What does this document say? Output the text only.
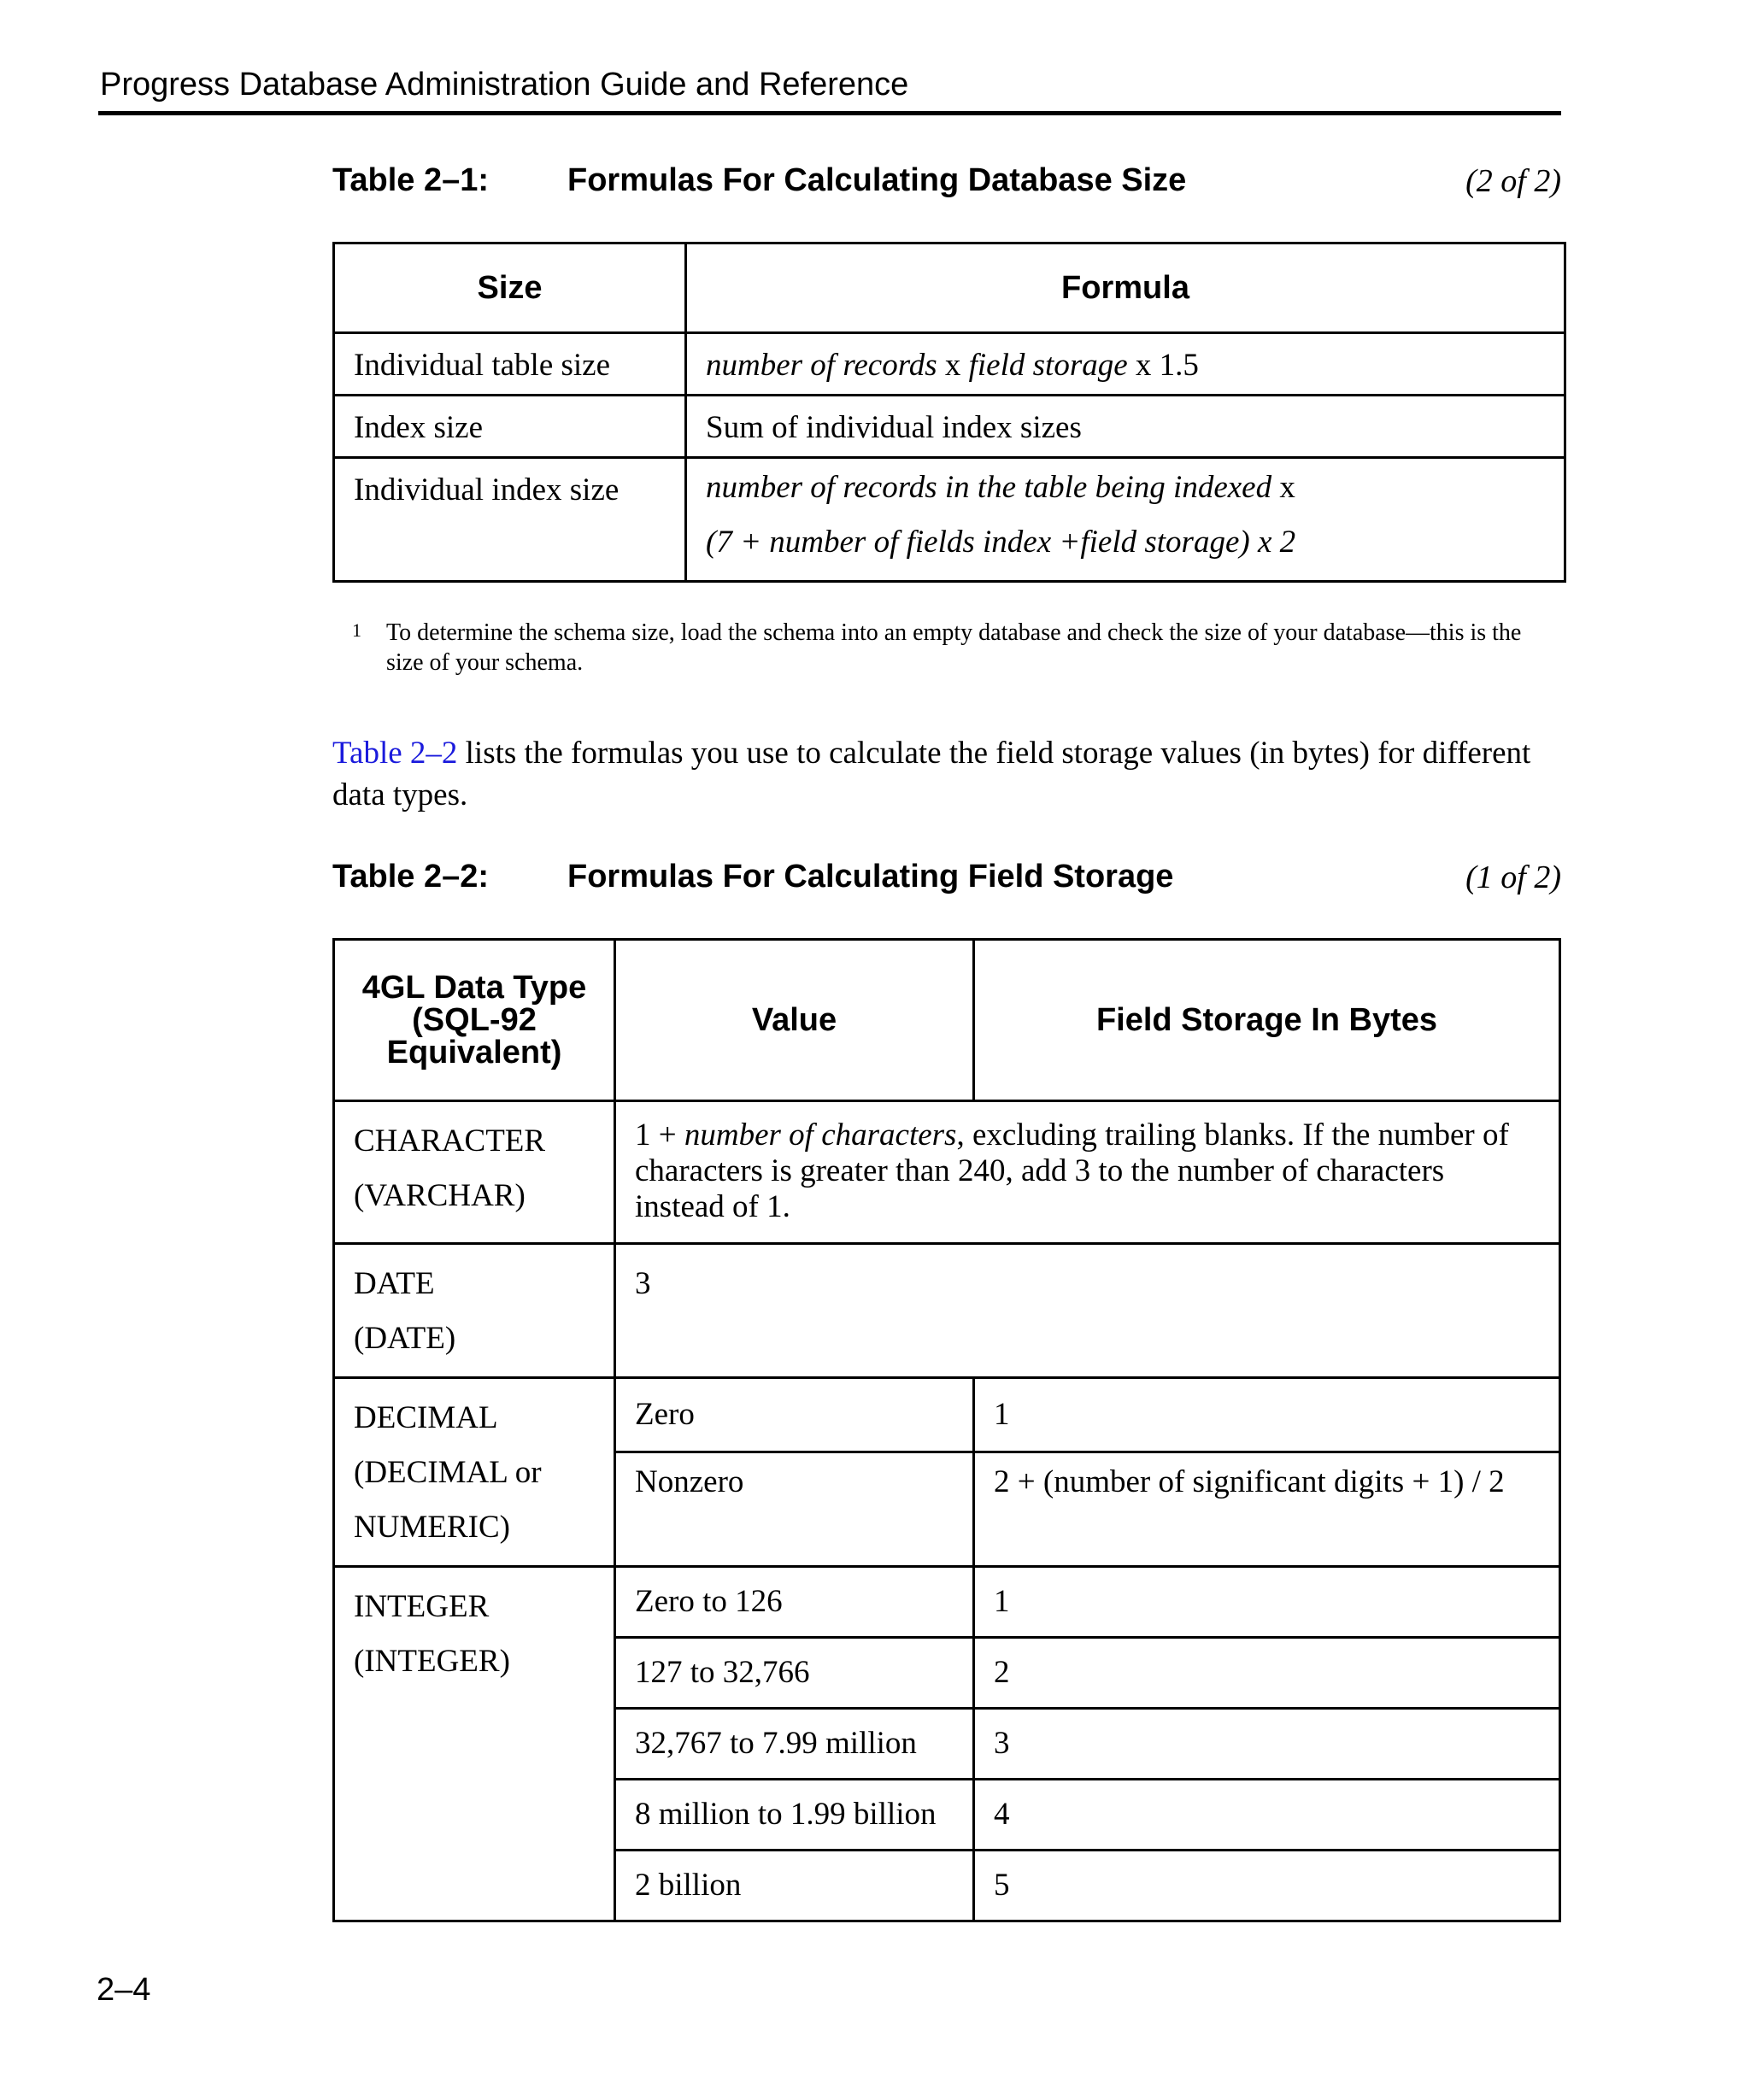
Progress Database Administration Guide and Reference
Table 2–1: Formulas For Calculating Database Size	(2 of 2)
Size	Formula
Individual table size	number of records x field storage x 1.5
Index size	Sum of individual index sizes
Individual index size	number of records in the table being indexed x
(7 + number of fields index +field storage) x 2
1 To determine the schema size, load the schema into an empty database and check the size of your database—this is the size of your schema.
Table 2–2 lists the formulas you use to calculate the field storage values (in bytes) for different data types.
Table 2–2: Formulas For Calculating Field Storage	(1 of 2)
4GL Data Type (SQL-92 Equivalent)	Value	Field Storage In Bytes

CHARACTER
(VARCHAR)	1 + number of characters, excluding trailing blanks. If the number of characters is greater than 240, add 3 to the number of characters instead of 1.	

DATE
(DATE)	3	

DECIMAL
(DECIMAL or
NUMERIC)	Zero	1
	Nonzero	2 + (number of significant digits + 1) / 2

INTEGER
(INTEGER)	Zero to 126	1
	127 to 32,766	2
	32,767 to 7.99 million	3
	8 million to 1.99 billion	4
	2 billion	5
2–4
